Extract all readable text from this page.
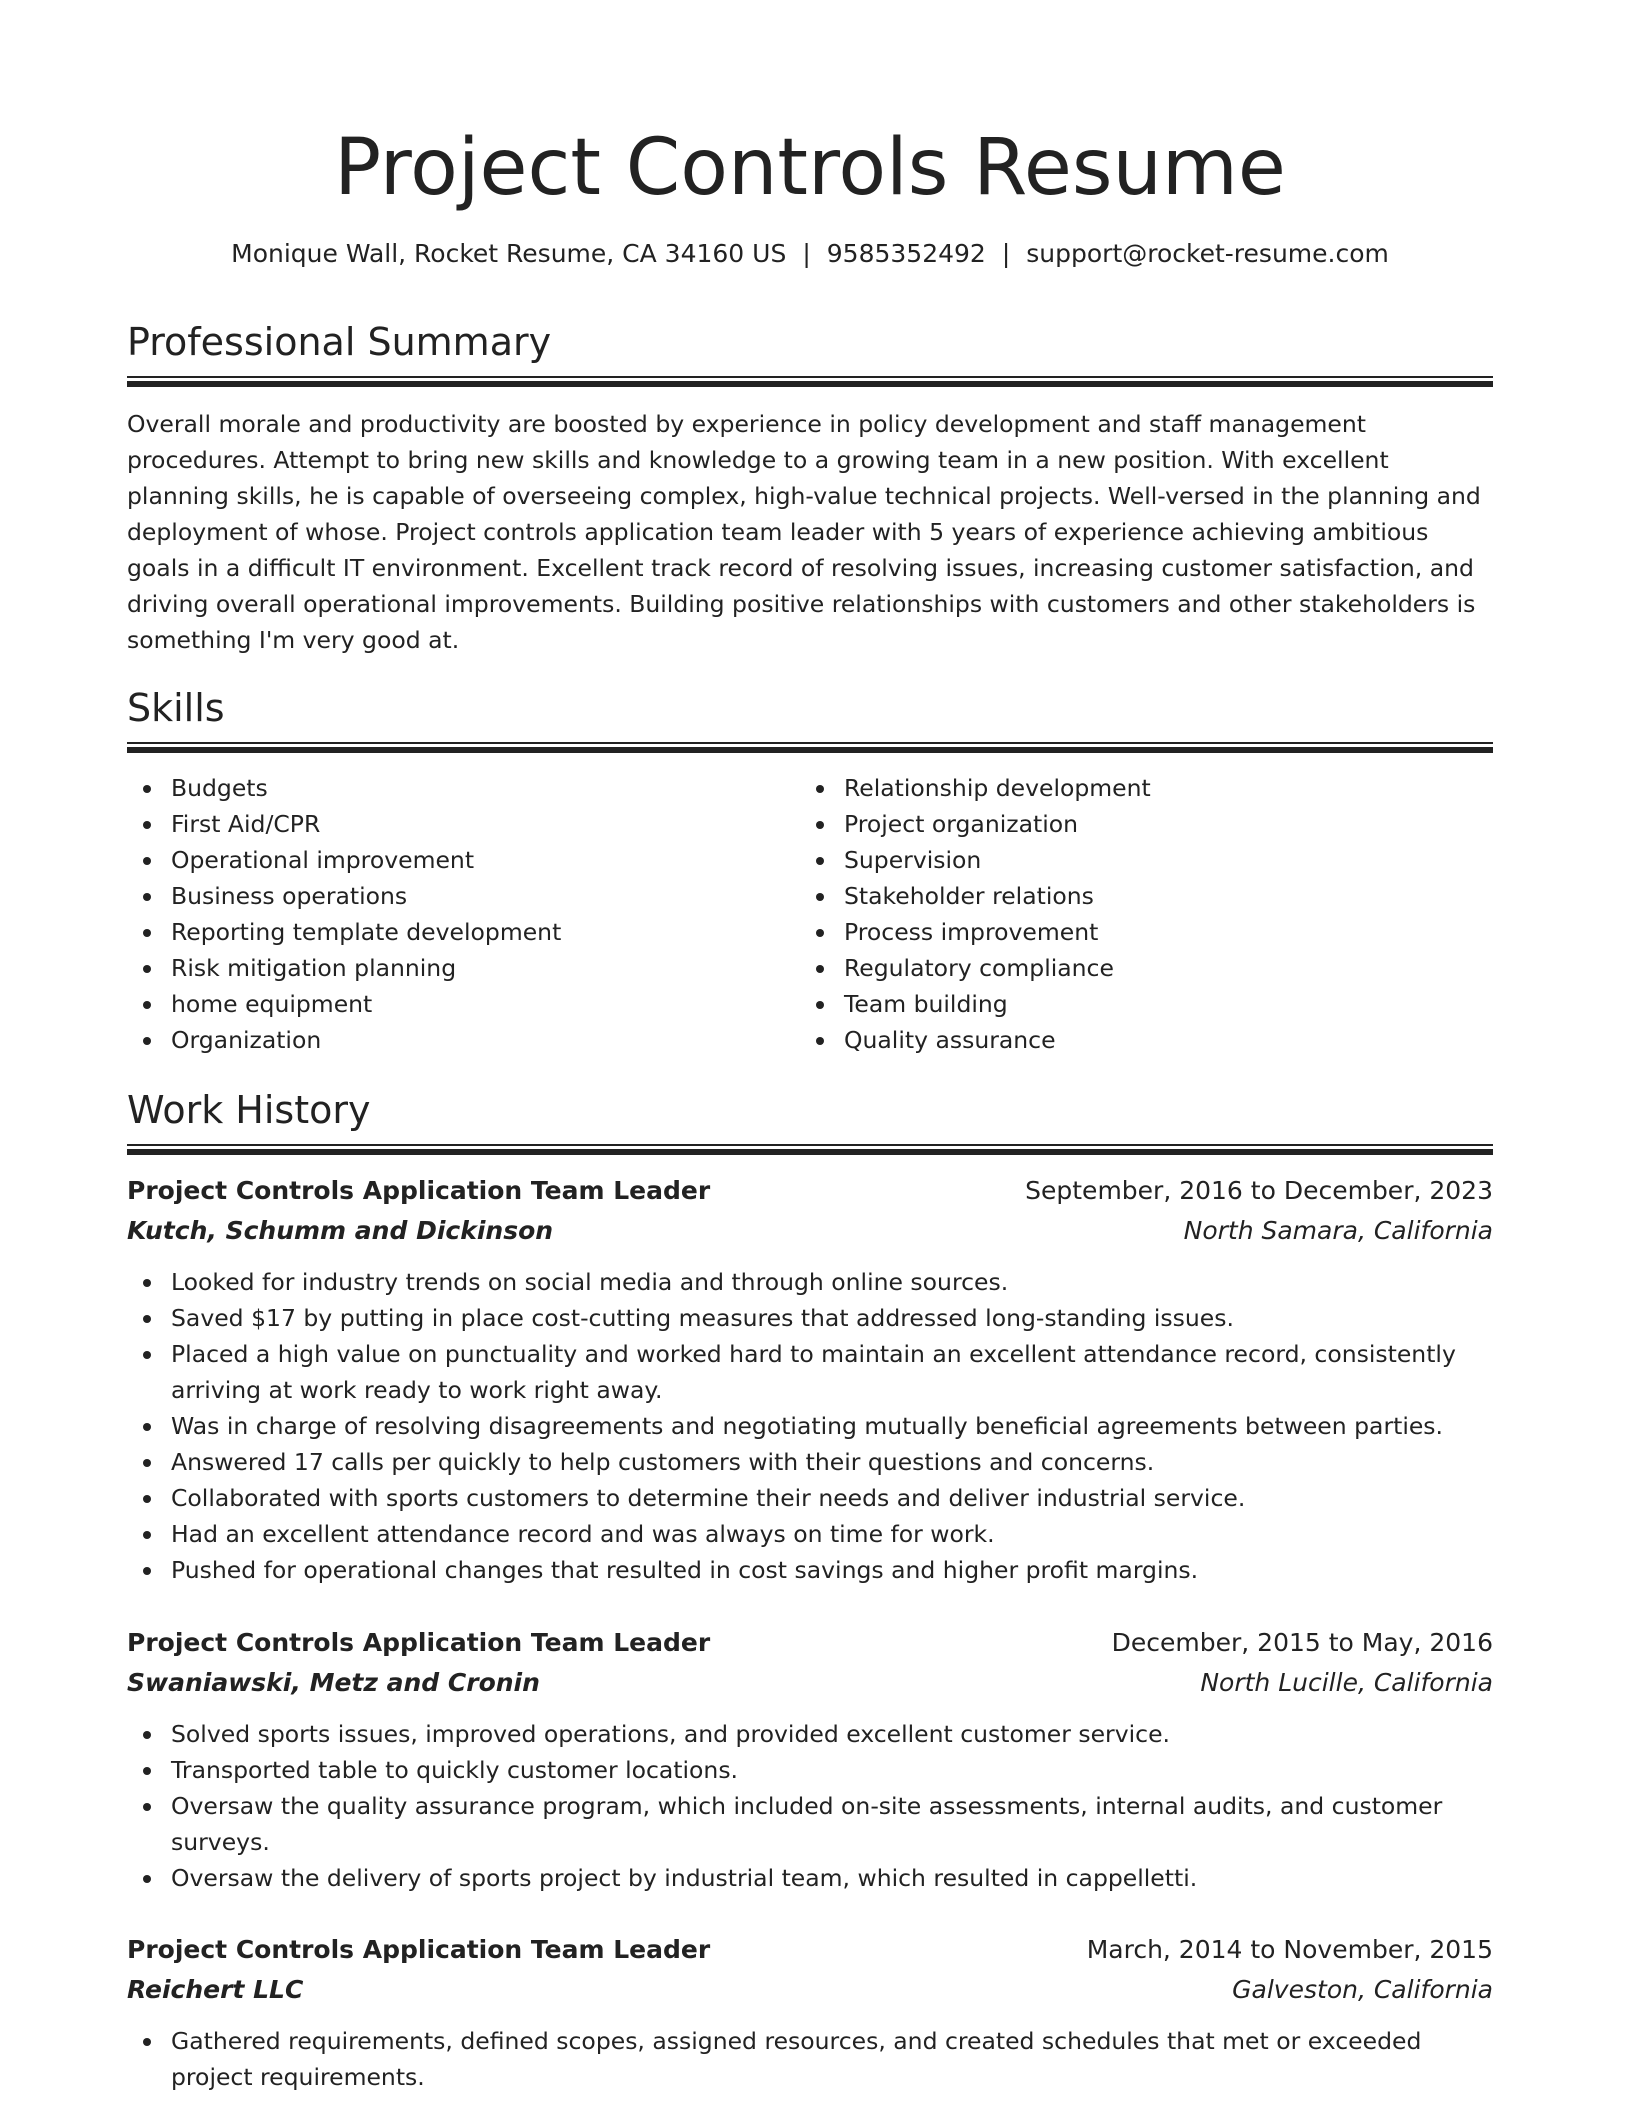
Project Controls Resume
Monique Wall, Rocket Resume, CA 34160 US | 9585352492 | support@rocket-resume.com
Professional Summary

Overall morale and productivity are boosted by experience in policy development and staff management procedures. Attempt to bring new skills and knowledge to a growing team in a new position. With excellent planning skills, he is capable of overseeing complex, high-value technical projects. Well-versed in the planning and deployment of whose. Project controls application team leader with 5 years of experience achieving ambitious goals in a difficult IT environment. Excellent track record of resolving issues, increasing customer satisfaction, and driving overall operational improvements. Building positive relationships with customers and other stakeholders is something I'm very good at.

Skills
Budgets
First Aid/CPR
Operational improvement
Business operations
Reporting template development
Risk mitigation planning
home equipment
Organization
Relationship development
Project organization
Supervision
Stakeholder relations
Process improvement
Regulatory compliance
Team building
Quality assurance
Work History
Project Controls Application Team Leader	September, 2016 to December, 2023
Kutch, Schumm and Dickinson	North Samara, California
Looked for industry trends on social media and through online sources.
Saved $17 by putting in place cost-cutting measures that addressed long-standing issues.
Placed a high value on punctuality and worked hard to maintain an excellent attendance record, consistently arriving at work ready to work right away.
Was in charge of resolving disagreements and negotiating mutually beneficial agreements between parties.
Answered 17 calls per quickly to help customers with their questions and concerns.
Collaborated with sports customers to determine their needs and deliver industrial service.
Had an excellent attendance record and was always on time for work.
Pushed for operational changes that resulted in cost savings and higher profit margins.
Project Controls Application Team Leader	December, 2015 to May, 2016
Swaniawski, Metz and Cronin	North Lucille, California
Solved sports issues, improved operations, and provided excellent customer service.
Transported table to quickly customer locations.
Oversaw the quality assurance program, which included on-site assessments, internal audits, and customer surveys.
Oversaw the delivery of sports project by industrial team, which resulted in cappelletti.
Project Controls Application Team Leader	March, 2014 to November, 2015
Reichert LLC	Galveston, California
Gathered requirements, defined scopes, assigned resources, and created schedules that met or exceeded project requirements.
